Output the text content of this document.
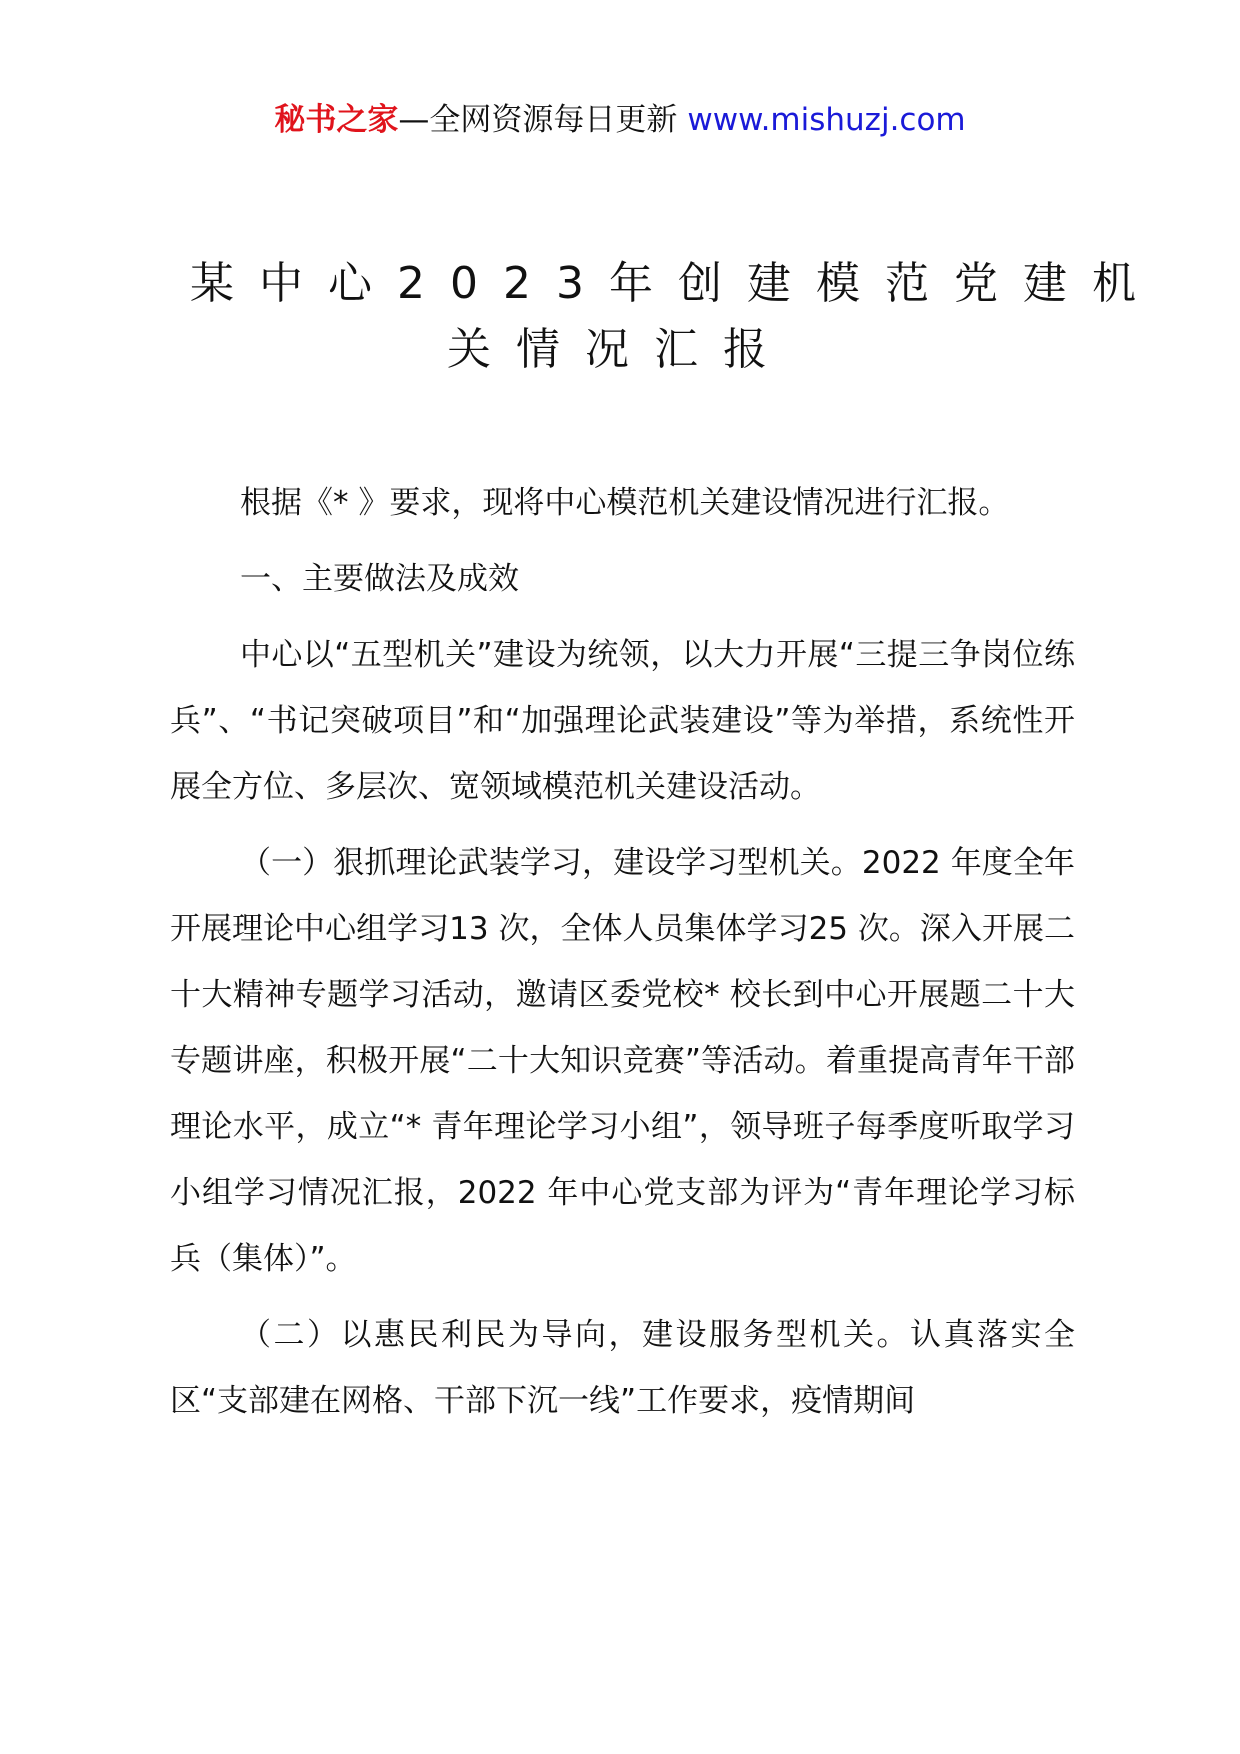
秘书之家—全网资源每日更新 www.mishuzj.com
某中心2023年创建模范党建机
关情况汇报

根据《* 》要求，现将中心模范机关建设情况进行汇报。

一、主要做法及成效

中心以“五型机关”建设为统领，以大力开展“三提三争岗位练兵”、“书记突破项目”和“加强理论武装建设”等为举措，系统性开展全方位、多层次、宽领域模范机关建设活动。

（一）狠抓理论武装学习，建设学习型机关。2022 年度全年开展理论中心组学习13 次，全体人员集体学习25 次。深入开展二十大精神专题学习活动，邀请区委党校* 校长到中心开展题二十大专题讲座，积极开展“二十大知识竞赛”等活动。着重提高青年干部理论水平，成立“* 青年理论学习小组”，领导班子每季度听取学习小组学习情况汇报，2022 年中心党支部为评为“青年理论学习标兵（集体）”。

（二）以惠民利民为导向，建设服务型机关。认真落实全区“支部建在网格、干部下沉一线”工作要求，疫情期间
